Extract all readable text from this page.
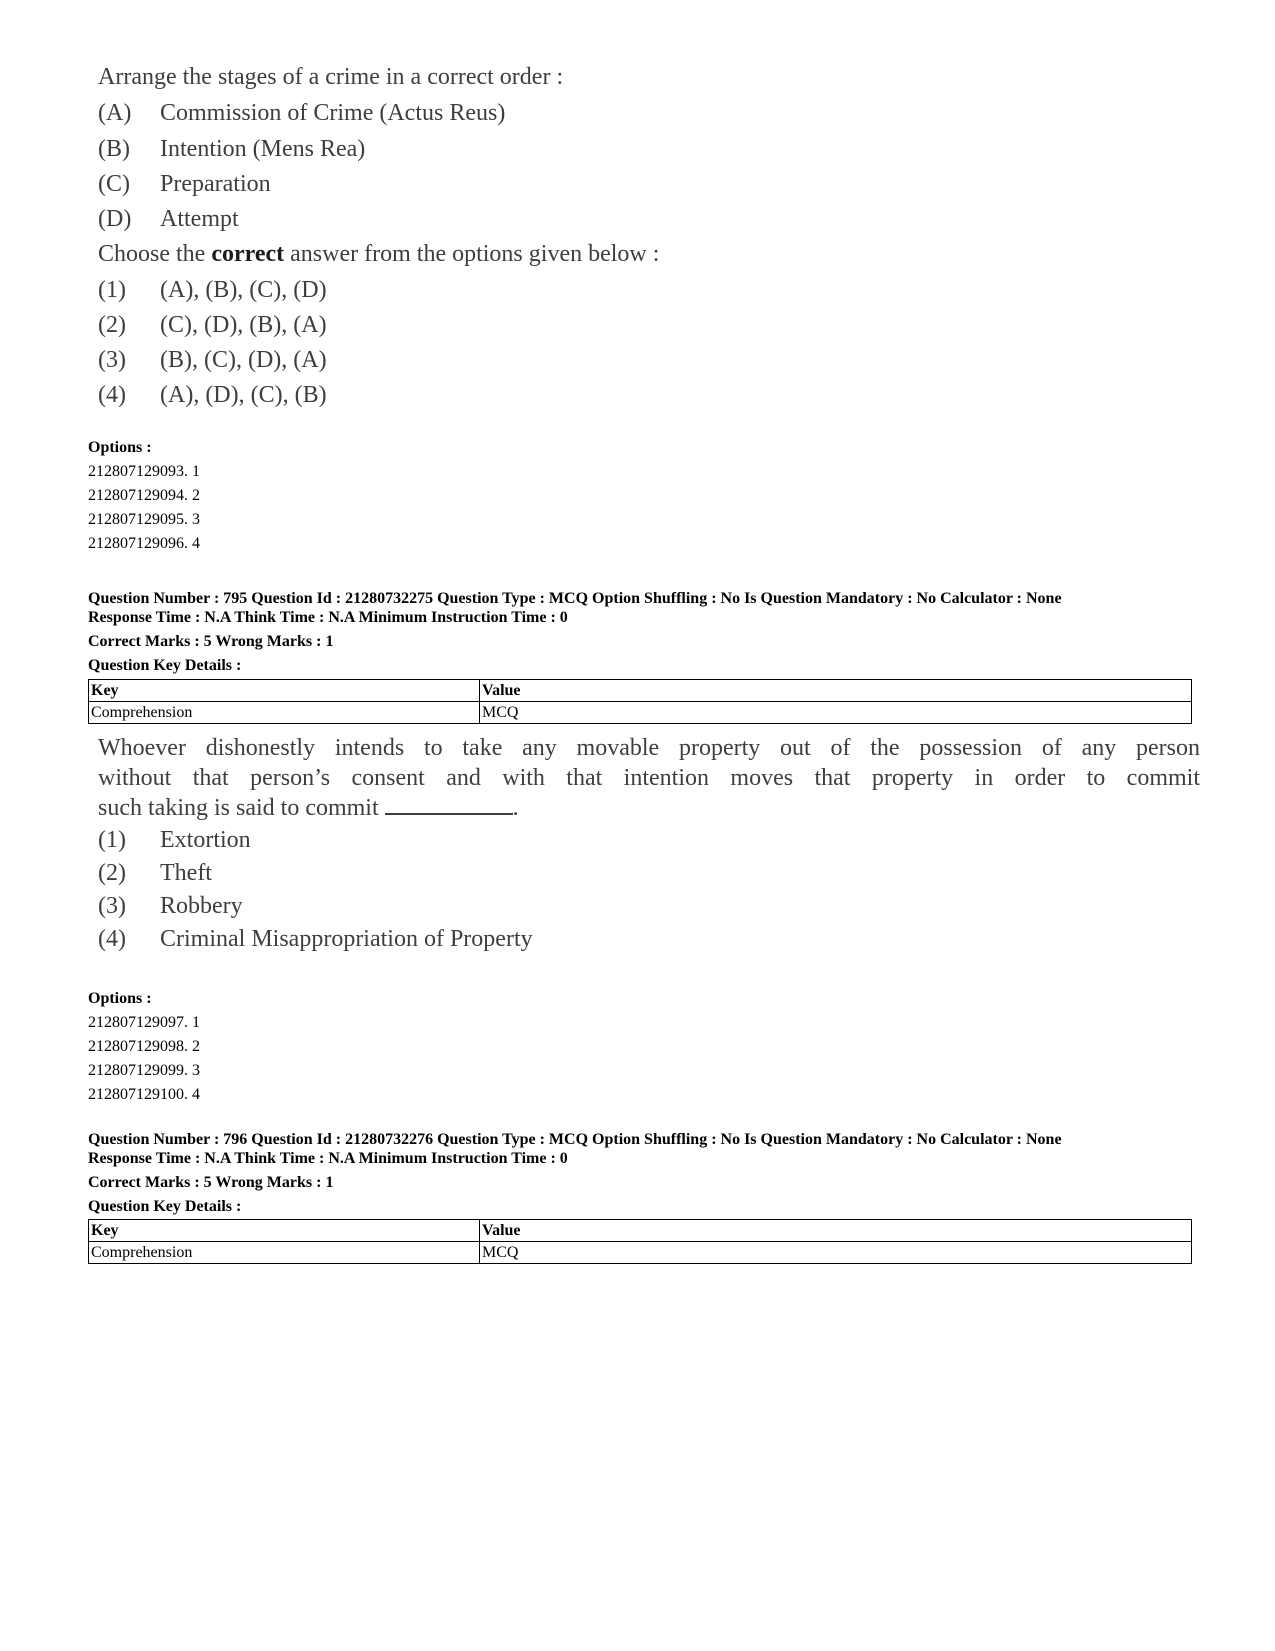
Arrange the stages of a crime in a correct order :
(A) Commission of Crime (Actus Reus)
(B) Intention (Mens Rea)
(C) Preparation
(D) Attempt
Choose the correct answer from the options given below :
(1) (A), (B), (C), (D)
(2) (C), (D), (B), (A)
(3) (B), (C), (D), (A)
(4) (A), (D), (C), (B)
Options :
212807129093. 1
212807129094. 2
212807129095. 3
212807129096. 4
Question Number : 795 Question Id : 21280732275 Question Type : MCQ Option Shuffling : No Is Question Mandatory : No Calculator : None
Response Time : N.A Think Time : N.A Minimum Instruction Time : 0
Correct Marks : 5 Wrong Marks : 1
Question Key Details :
Key	Value
Comprehension	MCQ
Whoever dishonestly intends to take any movable property out of the possession of any person
without that person’s consent and with that intention moves that property in order to commit
such taking is said to commit	.
(1) Extortion
(2) Theft
(3) Robbery
(4) Criminal Misappropriation of Property
Options :
212807129097. 1
212807129098. 2
212807129099. 3
212807129100. 4
Question Number : 796 Question Id : 21280732276 Question Type : MCQ Option Shuffling : No Is Question Mandatory : No Calculator : None
Response Time : N.A Think Time : N.A Minimum Instruction Time : 0
Correct Marks : 5 Wrong Marks : 1
Question Key Details :
Key	Value
Comprehension	MCQ
